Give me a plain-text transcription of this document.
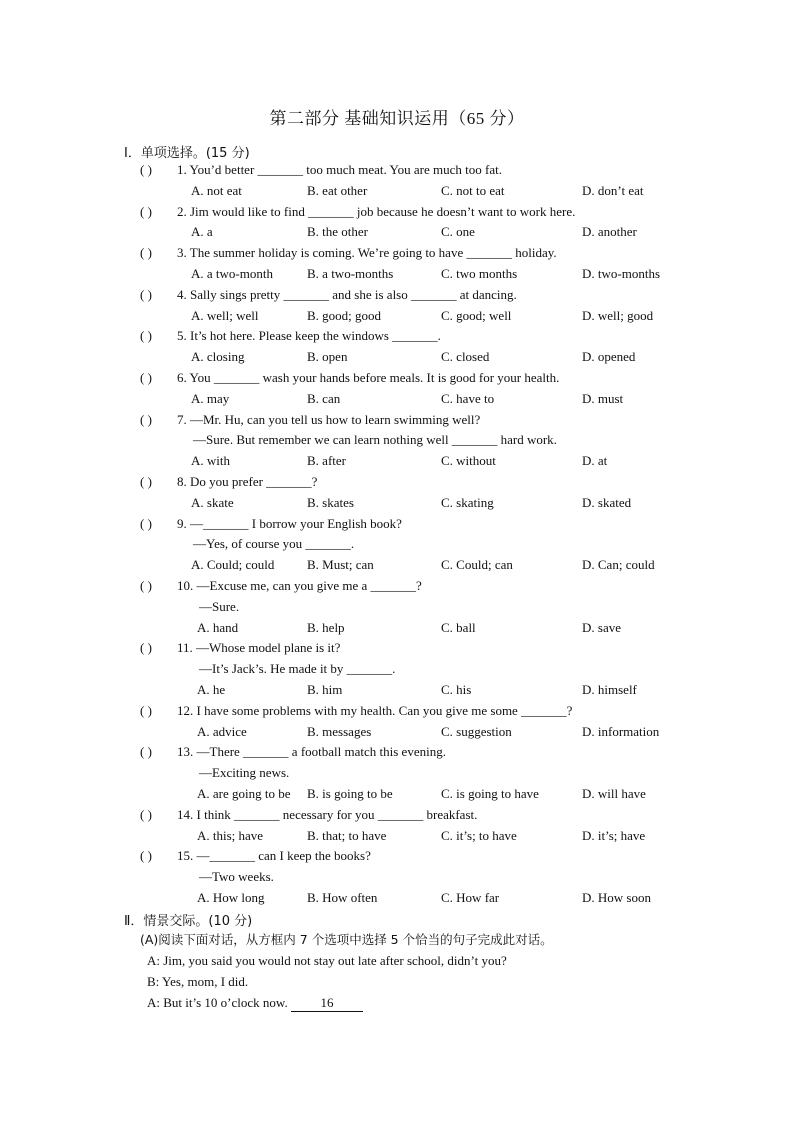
第二部分 基础知识运用（65 分）
Ⅰ．单项选择。(15 分)
( ) 1. You’d better _______ too much meat. You are much too fat.
A. not eat	B. eat other	C. not to eat	D. don’t eat
( ) 2. Jim would like to find _______ job because he doesn’t want to work here.
A. a	B. the other	C. one	D. another
( ) 3. The summer holiday is coming. We’re going to have _______ holiday.
A. a two-month	B. a two-months	C. two months	D. two-months
( ) 4. Sally sings pretty _______ and she is also _______ at dancing.
A. well; well	B. good; good	C. good; well	D. well; good
( ) 5. It’s hot here. Please keep the windows _______.
A. closing	B. open	C. closed	D. opened
( ) 6. You _______ wash your hands before meals. It is good for your health.
A. may	B. can	C. have to	D. must
( ) 7. —Mr. Hu, can you tell us how to learn swimming well?
—Sure. But remember we can learn nothing well _______ hard work.
A. with	B. after	C. without	D. at
( ) 8. Do you prefer _______?
A. skate	B. skates	C. skating	D. skated
( ) 9. —_______ I borrow your English book?
—Yes, of course you _______.
A. Could; could	B. Must; can	C. Could; can	D. Can; could
( ) 10. —Excuse me, can you give me a _______?
—Sure.
A. hand	B. help	C. ball	D. save
( ) 11. —Whose model plane is it?
—It’s Jack’s. He made it by _______.
A. he	B. him	C. his	D. himself
( ) 12. I have some problems with my health. Can you give me some _______?
A. advice	B. messages	C. suggestion	D. information
( ) 13. —There _______ a football match this evening.
—Exciting news.
A. are going to be B. is going to be	C. is going to have	D. will have
( ) 14. I think _______ necessary for you _______ breakfast.
A. this; have	B. that; to have	C. it’s; to have	D. it’s; have
( ) 15. —_______ can I keep the books?
—Two weeks.
A. How long	B. How often	C. How far	D. How soon
Ⅱ．情景交际。(10 分)
(A)阅读下面对话，从方框内 7 个选项中选择 5 个恰当的句子完成此对话。
A: Jim, you said you would not stay out late after school, didn’t you?
B: Yes, mom, I did.
A: But it’s 10 o’clock now. 16
